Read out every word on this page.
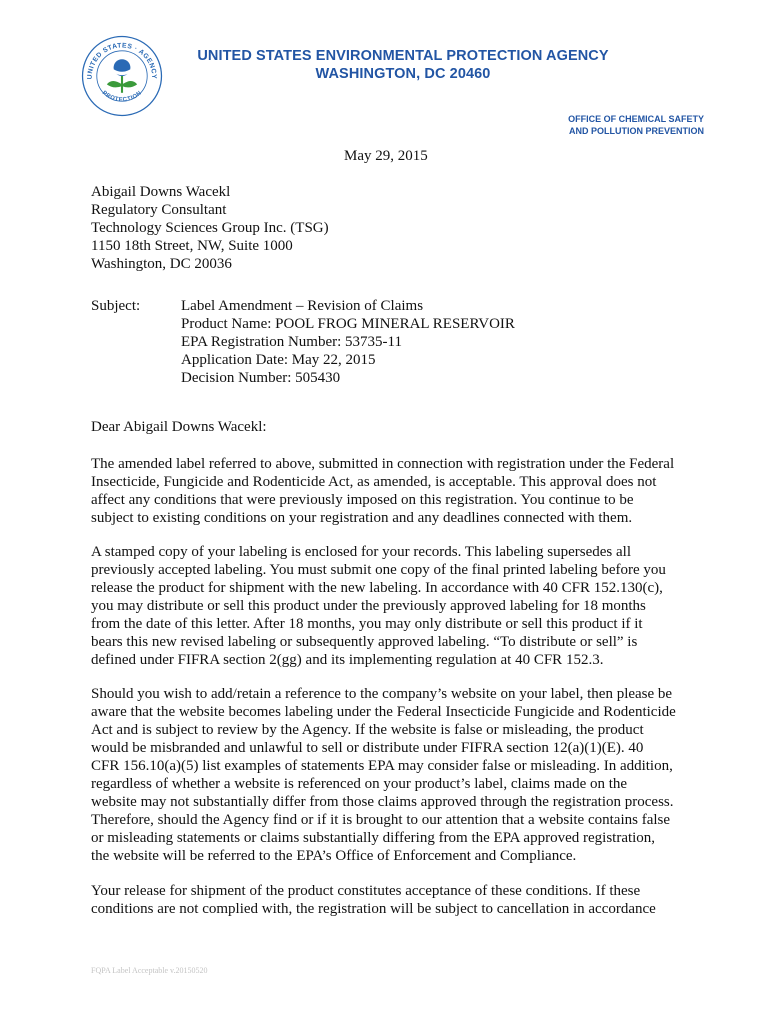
UNITED STATES · AGENCY
PROTECTION
UNITED STATES ENVIRONMENTAL PROTECTION AGENCY
WASHINGTON, DC 20460
OFFICE OF CHEMICAL SAFETY
AND POLLUTION PREVENTION
May 29, 2015
Abigail Downs Wacekl
Regulatory Consultant
Technology Sciences Group Inc. (TSG)
1150 18th Street, NW, Suite 1000
Washington, DC 20036
Subject:	Label Amendment – Revision of Claims
Product Name: POOL FROG MINERAL RESERVOIR
EPA Registration Number: 53735-11
Application Date: May 22, 2015
Decision Number: 505430
Dear Abigail Downs Wacekl:
The amended label referred to above, submitted in connection with registration under the Federal
Insecticide, Fungicide and Rodenticide Act, as amended, is acceptable. This approval does not
affect any conditions that were previously imposed on this registration. You continue to be
subject to existing conditions on your registration and any deadlines connected with them.
A stamped copy of your labeling is enclosed for your records. This labeling supersedes all
previously accepted labeling. You must submit one copy of the final printed labeling before you
release the product for shipment with the new labeling. In accordance with 40 CFR 152.130(c),
you may distribute or sell this product under the previously approved labeling for 18 months
from the date of this letter. After 18 months, you may only distribute or sell this product if it
bears this new revised labeling or subsequently approved labeling. “To distribute or sell” is
defined under FIFRA section 2(gg) and its implementing regulation at 40 CFR 152.3.
Should you wish to add/retain a reference to the company’s website on your label, then please be
aware that the website becomes labeling under the Federal Insecticide Fungicide and Rodenticide
Act and is subject to review by the Agency. If the website is false or misleading, the product
would be misbranded and unlawful to sell or distribute under FIFRA section 12(a)(1)(E). 40
CFR 156.10(a)(5) list examples of statements EPA may consider false or misleading. In addition,
regardless of whether a website is referenced on your product’s label, claims made on the
website may not substantially differ from those claims approved through the registration process.
Therefore, should the Agency find or if it is brought to our attention that a website contains false
or misleading statements or claims substantially differing from the EPA approved registration,
the website will be referred to the EPA’s Office of Enforcement and Compliance.
Your release for shipment of the product constitutes acceptance of these conditions. If these
conditions are not complied with, the registration will be subject to cancellation in accordance
FQPA Label Acceptable v.20150520
